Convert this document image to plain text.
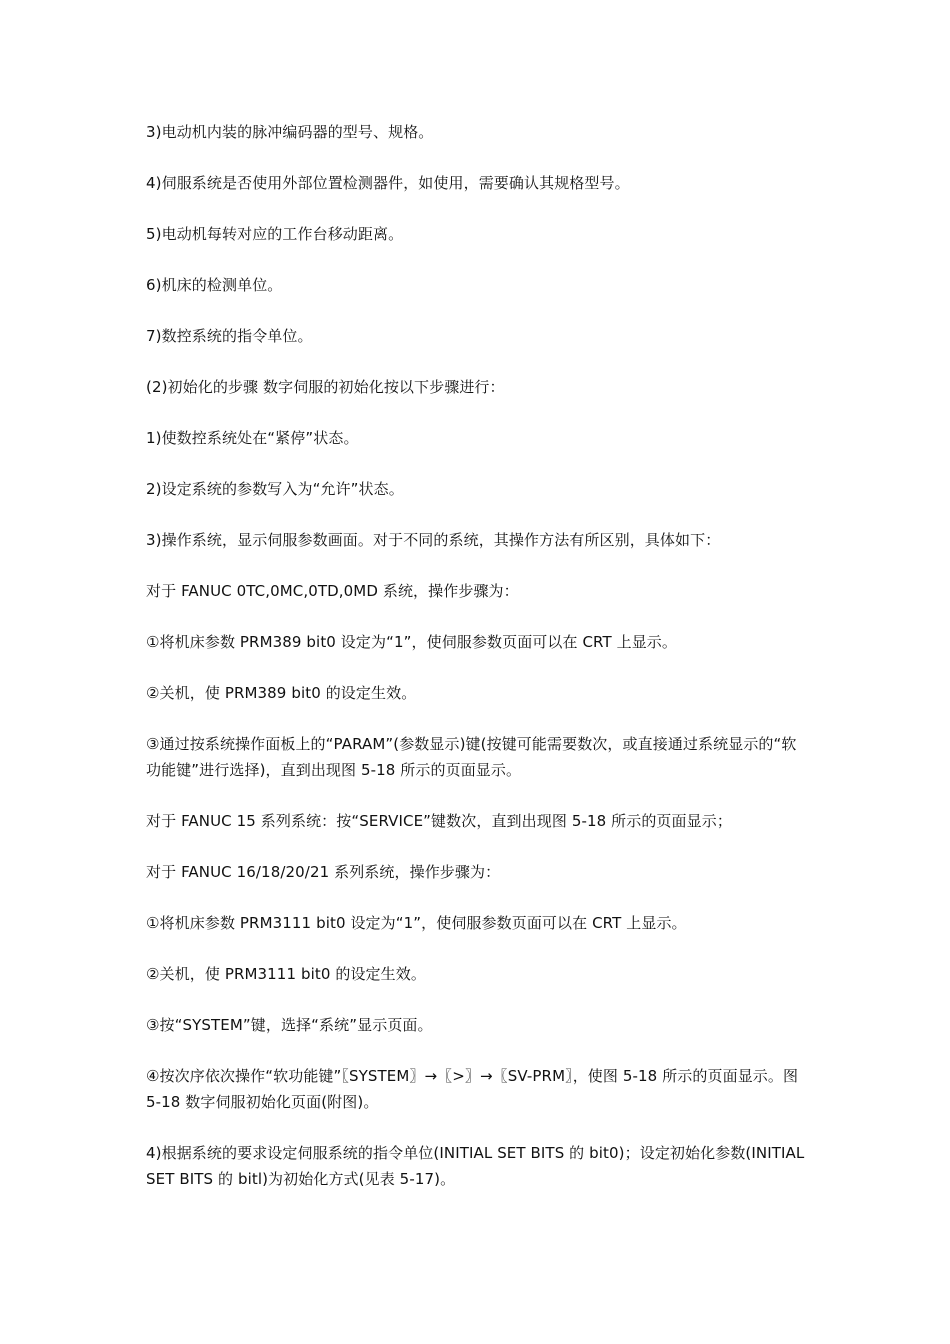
3)电动机内装的脉冲编码器的型号、规格。

4)伺服系统是否使用外部位置检测器件，如使用，需要确认其规格型号。

5)电动机每转对应的工作台移动距离。

6)机床的检测单位。

7)数控系统的指令单位。

(2)初始化的步骤 数字伺服的初始化按以下步骤进行：

1)使数控系统处在“紧停”状态。

2)设定系统的参数写入为“允许”状态。

3)操作系统，显示伺服参数画面。对于不同的系统，其操作方法有所区别，具体如下：

对于 FANUC 0TC,0MC,0TD,0MD 系统，操作步骤为：

①将机床参数 PRM389 bit0 设定为“1”，使伺服参数页面可以在 CRT 上显示。

②关机，使 PRM389 bit0 的设定生效。

③通过按系统操作面板上的“PARAM”(参数显示)键(按键可能需要数次，或直接通过系统显示的“软功能键”进行选择)，直到出现图 5-18 所示的页面显示。

对于 FANUC 15 系列系统：按“SERVICE”键数次，直到出现图 5-18 所示的页面显示；

对于 FANUC 16/18/20/21 系列系统，操作步骤为：

①将机床参数 PRM3111 bit0 设定为“1”，使伺服参数页面可以在 CRT 上显示。

②关机，使 PRM3111 bit0 的设定生效。

③按“SYSTEM”键，选择“系统”显示页面。

④按次序依次操作“软功能键”〖SYSTEM〗→〖>〗→〖SV-PRM〗，使图 5-18 所示的页面显示。图 5-18 数字伺服初始化页面(附图)。

4)根据系统的要求设定伺服系统的指令单位(INITIAL SET BITS 的 bit0)；设定初始化参数(INITIAL SET BITS 的 bitl)为初始化方式(见表 5-17)。
